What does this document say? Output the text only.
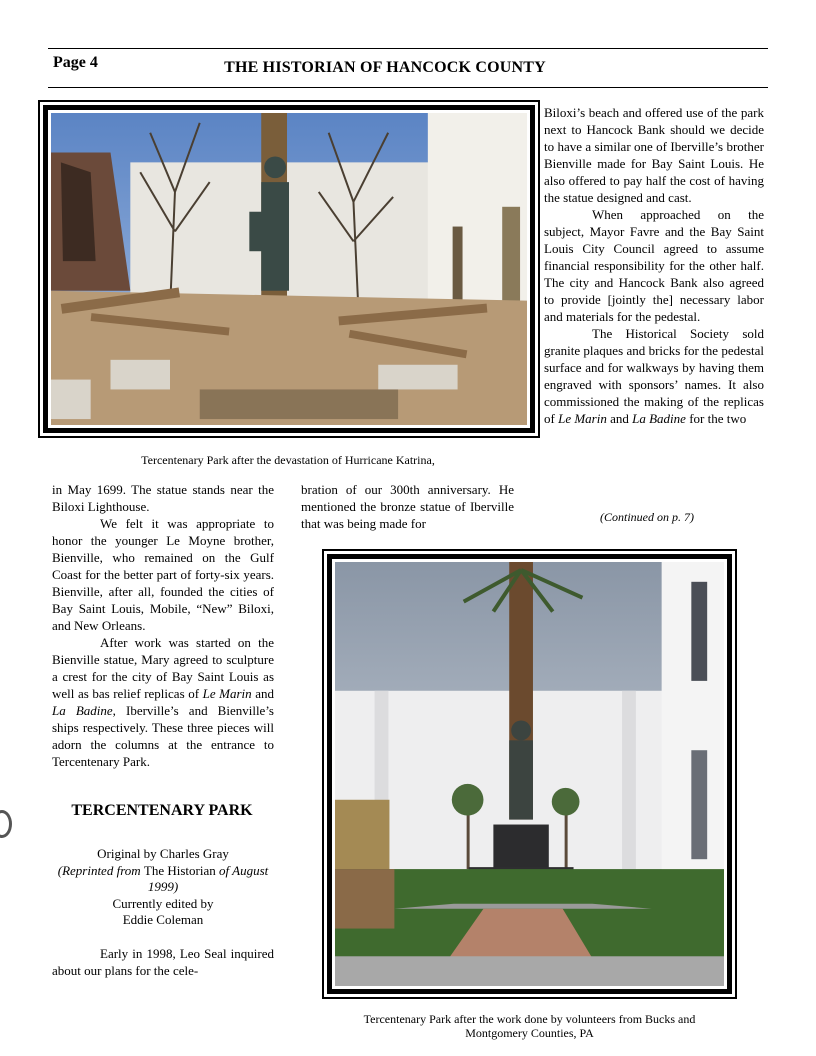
Page 4	THE HISTORIAN OF HANCOCK COUNTY
Tercentenary Park after the devastation of Hurricane Katrina,

Biloxi’s beach and offered use of the park next to Hancock Bank should we decide to have a similar one of Iberville’s brother Bienville made for Bay Saint Louis. He also offered to pay half the cost of having the statue designed and cast.

When approached on the subject, Mayor Favre and the Bay Saint Louis City Council agreed to assume financial responsibility for the other half. The city and Hancock Bank also agreed to provide [jointly the] necessary labor and materials for the pedestal.

The Historical Society sold granite plaques and bricks for the pedestal surface and for walkways by having them engraved with sponsors’ names. It also commissioned the making of the replicas of Le Marin and La Badine for the two

(Continued on p. 7)

in May 1699. The statue stands near the Biloxi Lighthouse.

We felt it was appropriate to honor the younger Le Moyne brother, Bienville, who remained on the Gulf Coast for the better part of forty-six years. Bienville, after all, founded the cities of Bay Saint Louis, Mobile, “New” Biloxi, and New Orleans.

After work was started on the Bienville statue, Mary agreed to sculpture a crest for the city of Bay Saint Louis as well as bas relief replicas of Le Marin and La Badine, Iberville’s and Bienville’s ships respectively. These three pieces will adorn the columns at the entrance to Tercentenary Park.

TERCENTENARY PARK
Original by Charles Gray
(Reprinted from The Historian of August 1999)
Currently edited by
Eddie Coleman

Early in 1998, Leo Seal inquired about our plans for the cele-

bration of our 300th anniversary. He mentioned the bronze statue of Iberville that was being made for

Tercentenary Park after the work done by volunteers from Bucks and
Montgomery Counties, PA
